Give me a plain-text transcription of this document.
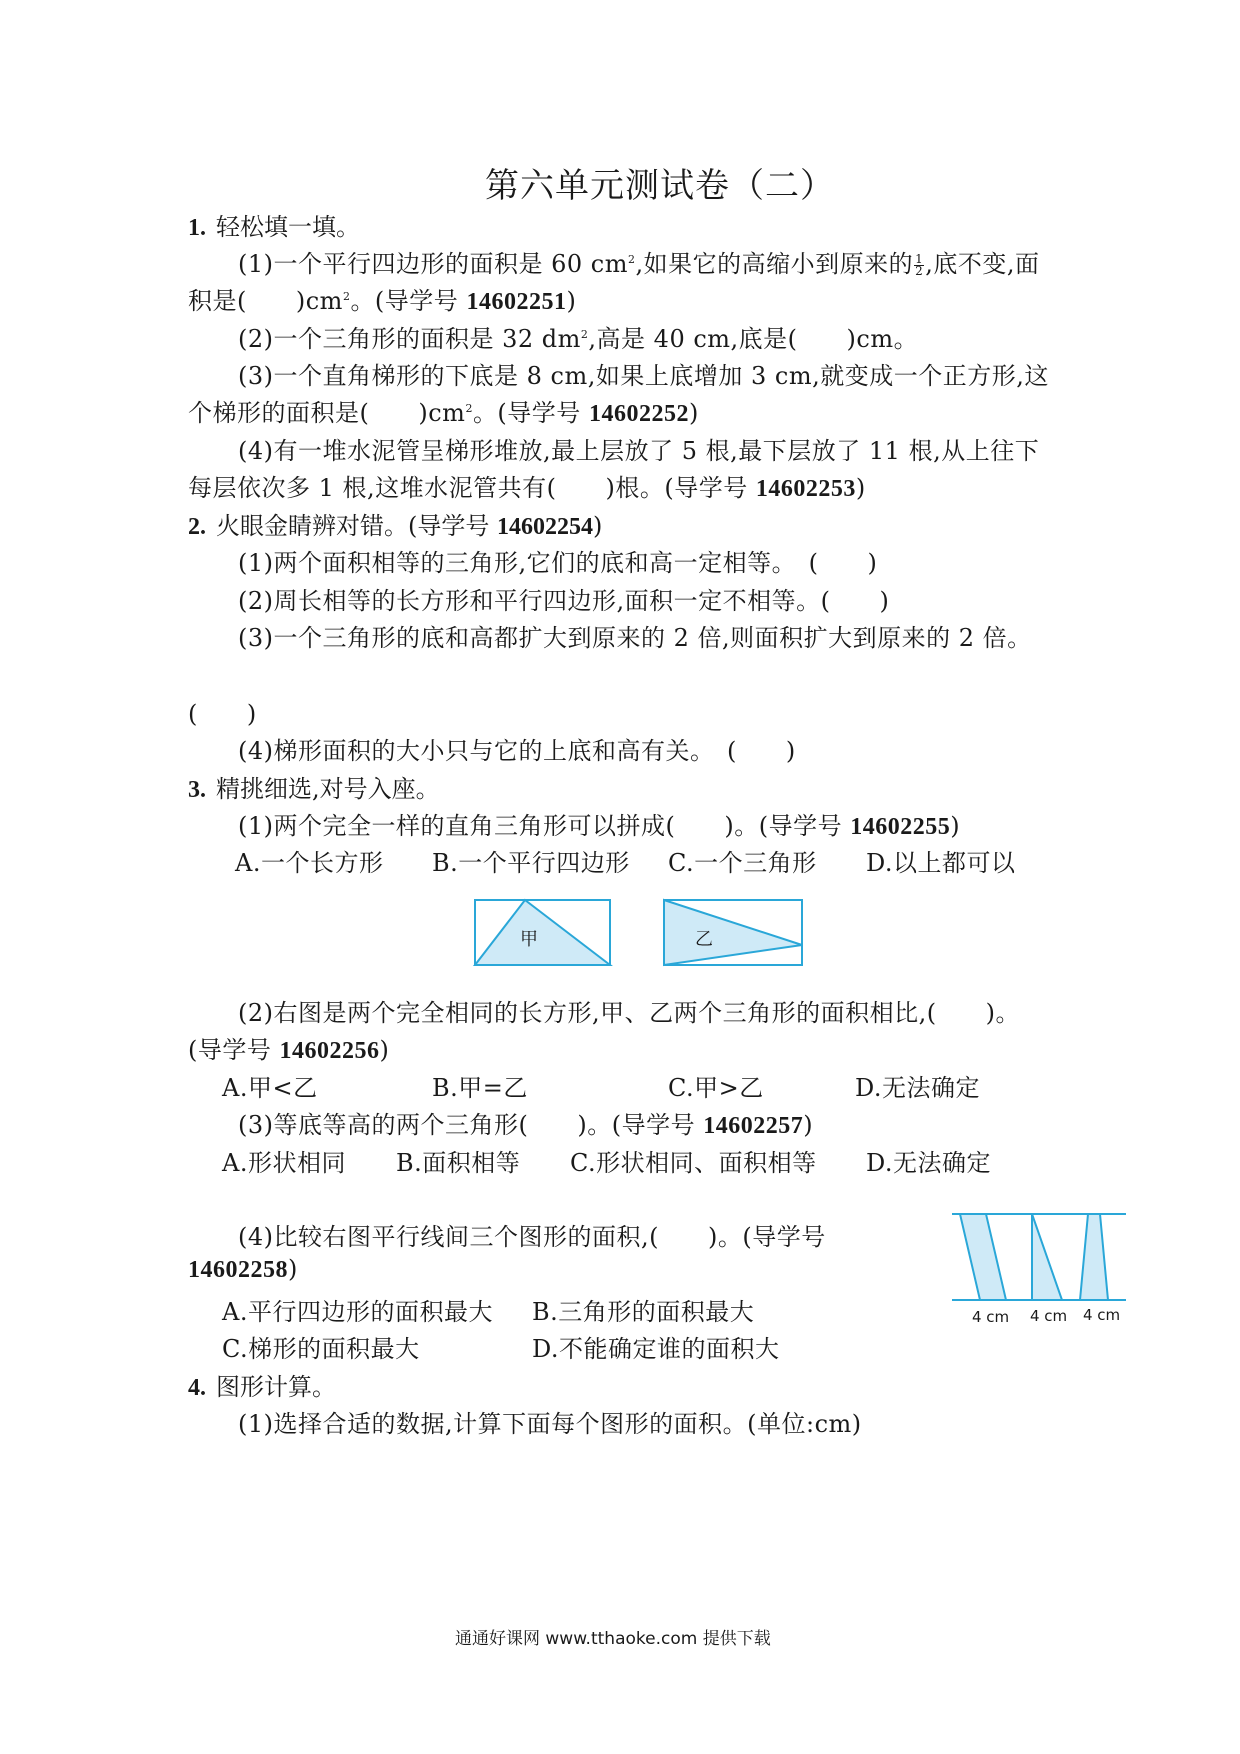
第六单元测试卷（二）
1. 轻松填一填。
(1)一个平行四边形的面积是 60 $cm^2$,如果它的高缩小到原来的 $\frac{1}{2}$ ,底不变,面
积是(　　)$cm^2$。(导学号 14602251)
(2)一个三角形的面积是 32 $dm^2$,高是 40 cm,底是(　　)cm。
(3)一个直角梯形的下底是 8 cm,如果上底增加 3 cm,就变成一个正方形,这
个梯形的面积是(　　)$cm^2$。(导学号 14602252)
(4)有一堆水泥管呈梯形堆放,最上层放了 5 根,最下层放了 11 根,从上往下
每层依次多 1 根,这堆水泥管共有(　　)根。(导学号 14602253)
2. 火眼金睛辨对错。(导学号 14602254)
(1)两个面积相等的三角形,它们的底和高一定相等。　(　　)
(2)周长相等的长方形和平行四边形,面积一定不相等。(　　)
(3)一个三角形的底和高都扩大到原来的 2 倍,则面积扩大到原来的 2 倍。
(　　)
(4)梯形面积的大小只与它的上底和高有关。　(　　)
3. 精挑细选,对号入座。
(1)两个完全一样的直角三角形可以拼成(　　)。(导学号 14602255)
A.一个长方形 B.一个平行四边形 C.一个三角形 D.以上都可以
甲	乙
(2)右图是两个完全相同的长方形,甲、乙两个三角形的面积相比,(　　)。
(导学号 14602256)
A.甲<乙	B.甲=乙	C.甲>乙	D.无法确定
(3)等底等高的两个三角形(　　)。(导学号 14602257)
A.形状相同 B.面积相等 C.形状相同、面积相等 D.无法确定
(4)比较右图平行线间三个图形的面积,(　　)。(导学号
14602258)
A.平行四边形的面积最大 B.三角形的面积最大
C.梯形的面积最大	D.不能确定谁的面积大
4 cm 4 cm 4 cm
4. 图形计算。
(1)选择合适的数据,计算下面每个图形的面积。(单位:cm)
通通好课网 www.tthaoke.com 提供下载
